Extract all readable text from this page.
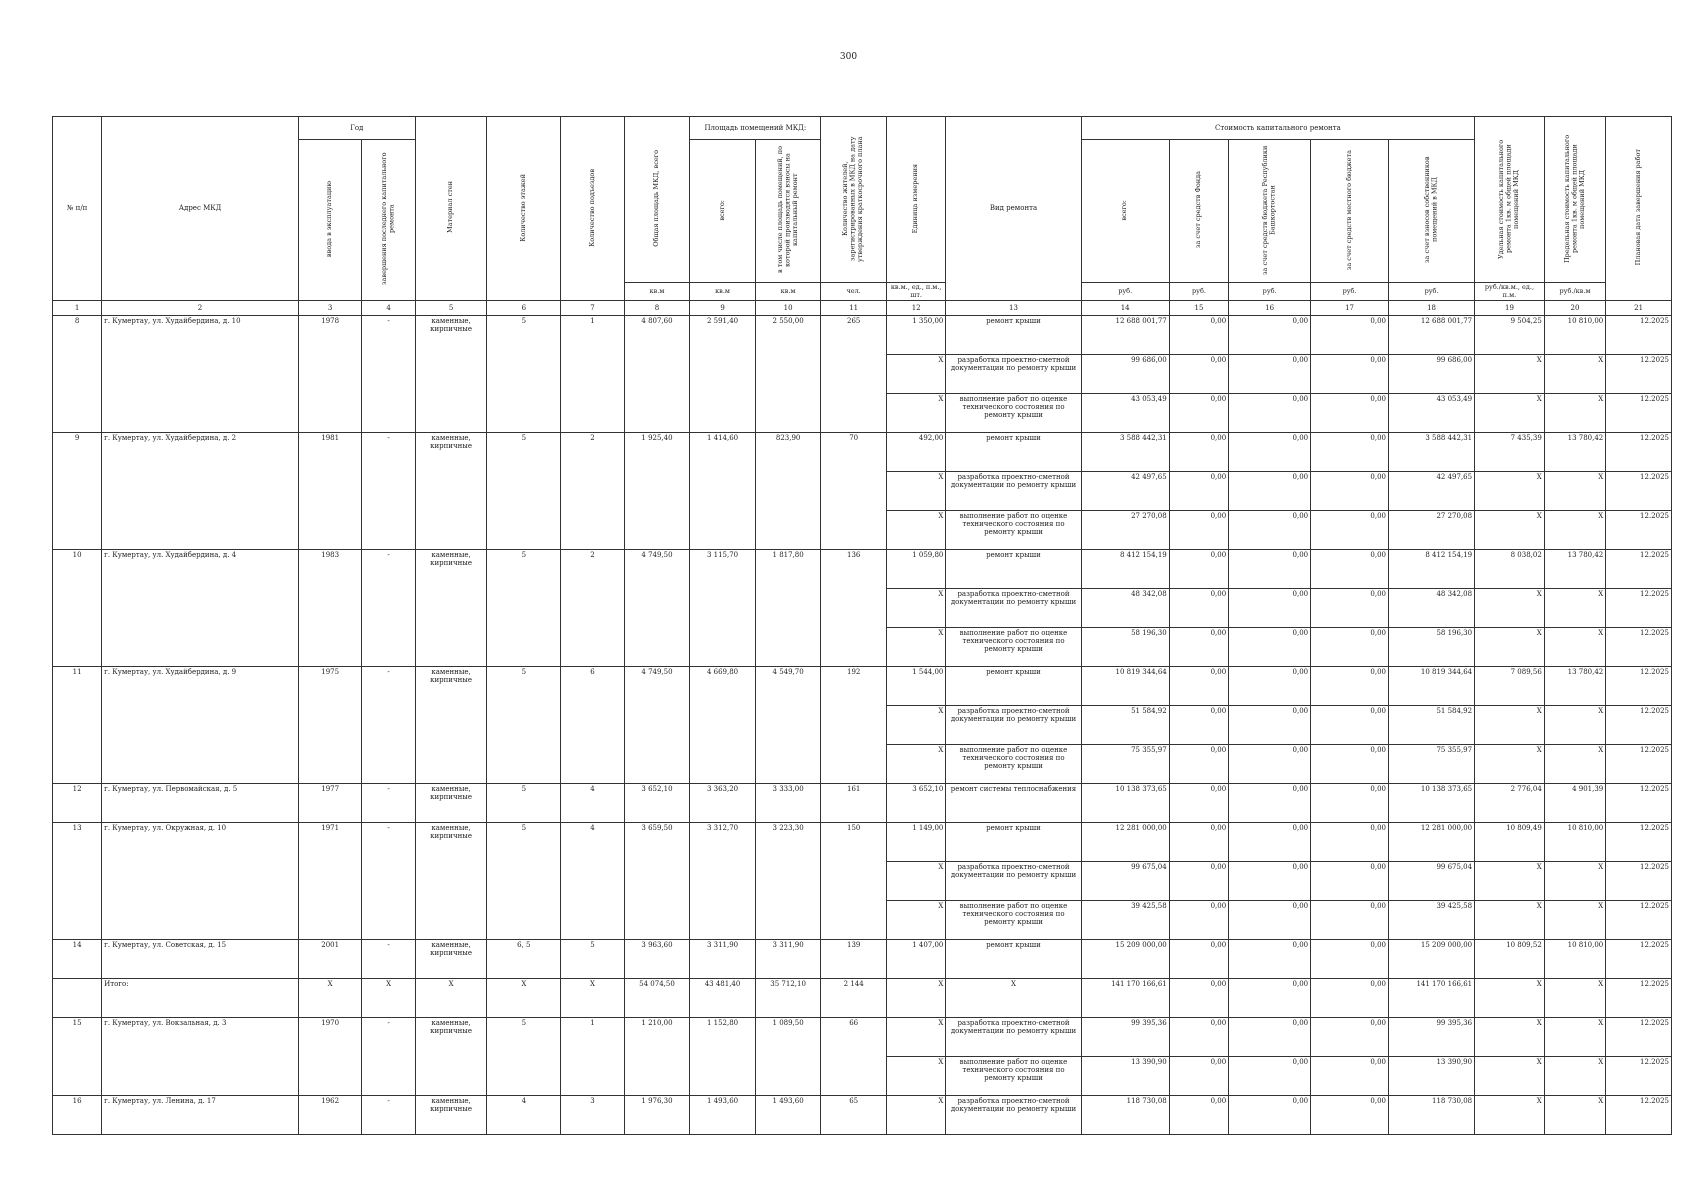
300
№ п/п	Адрес МКД	Год		Материал стен	Количество этажей	Количество подъездов	Общая площадь МКД, всего	Площадь помещений МКД:		Количество жителей, зарегистрированных в МКД на дату утверждения краткосрочного плана	Единица измерения	Вид ремонта	Стоимость капитального ремонта					Удельная стоимость капитального ремонта 1кв. м общей площади помещений МКД	Предельная стоимость капитального ремонта 1кв. м общей площади помещений МКД	Плановая дата завершения работ
		ввода в эксплуатацию	завершения последнего капитального ремонта					всего:	в том числе площадь помещений, по которой производятся взносы на капитальный ремонт				всего:	за счет средств Фонда	за счет средств бюджета Республики Башкортостан	за счет средств местного бюджета	за счет взносов собственников помещений в МКД			
							кв.м	кв.м	кв.м	чел.	кв.м., ед., п.м., шт.		руб.	руб.	руб.	руб.	руб.	руб./кв.м., ед., п.м.	руб./кв.м	
1	2	3	4	5	6	7	8	9	10	11	12	13	14	15	16	17	18	19	20	21
8	г. Кумертау, ул. Худайбердина, д. 10	1978	-	каменные, кирпичные	5	1	4 807,60	2 591,40	2 550,00	265	1 350,00	ремонт крыши	12 688 001,77	0,00	0,00	0,00	12 688 001,77	9 504,25	10 810,00	12.2025
											X	разработка проектно-сметной документации по ремонту крыши	99 686,00	0,00	0,00	0,00	99 686,00	X	X	12.2025
											X	выполнение работ по оценке технического состояния по ремонту крыши	43 053,49	0,00	0,00	0,00	43 053,49	X	X	12.2025
9	г. Кумертау, ул. Худайбердина, д. 2	1981	-	каменные, кирпичные	5	2	1 925,40	1 414,60	823,90	70	492,00	ремонт крыши	3 588 442,31	0,00	0,00	0,00	3 588 442,31	7 435,39	13 780,42	12.2025
											X	разработка проектно-сметной документации по ремонту крыши	42 497,65	0,00	0,00	0,00	42 497,65	X	X	12.2025
											X	выполнение работ по оценке технического состояния по ремонту крыши	27 270,08	0,00	0,00	0,00	27 270,08	X	X	12.2025
10	г. Кумертау, ул. Худайбердина, д. 4	1983	-	каменные, кирпичные	5	2	4 749,50	3 115,70	1 817,80	136	1 059,80	ремонт крыши	8 412 154,19	0,00	0,00	0,00	8 412 154,19	8 038,02	13 780,42	12.2025
											X	разработка проектно-сметной документации по ремонту крыши	48 342,08	0,00	0,00	0,00	48 342,08	X	X	12.2025
											X	выполнение работ по оценке технического состояния по ремонту крыши	58 196,30	0,00	0,00	0,00	58 196,30	X	X	12.2025
11	г. Кумертау, ул. Худайбердина, д. 9	1975	-	каменные, кирпичные	5	6	4 749,50	4 669,80	4 549,70	192	1 544,00	ремонт крыши	10 819 344,64	0,00	0,00	0,00	10 819 344,64	7 089,56	13 780,42	12.2025
											X	разработка проектно-сметной документации по ремонту крыши	51 584,92	0,00	0,00	0,00	51 584,92	X	X	12.2025
											X	выполнение работ по оценке технического состояния по ремонту крыши	75 355,97	0,00	0,00	0,00	75 355,97	X	X	12.2025
12	г. Кумертау, ул. Первомайская, д. 5	1977	-	каменные, кирпичные	5	4	3 652,10	3 363,20	3 333,00	161	3 652,10	ремонт системы теплоснабжения	10 138 373,65	0,00	0,00	0,00	10 138 373,65	2 776,04	4 901,39	12.2025
13	г. Кумертау, ул. Окружная, д. 10	1971	-	каменные, кирпичные	5	4	3 659,50	3 312,70	3 223,30	150	1 149,00	ремонт крыши	12 281 000,00	0,00	0,00	0,00	12 281 000,00	10 809,49	10 810,00	12.2025
											X	разработка проектно-сметной документации по ремонту крыши	99 675,04	0,00	0,00	0,00	99 675,04	X	X	12.2025
											X	выполнение работ по оценке технического состояния по ремонту крыши	39 425,58	0,00	0,00	0,00	39 425,58	X	X	12.2025
14	г. Кумертау, ул. Советская, д. 15	2001	-	каменные, кирпичные	6, 5	5	3 963,60	3 311,90	3 311,90	139	1 407,00	ремонт крыши	15 209 000,00	0,00	0,00	0,00	15 209 000,00	10 809,52	10 810,00	12.2025
	Итого:	X	X	X	X	X	54 074,50	43 481,40	35 712,10	2 144	X	X	141 170 166,61	0,00	0,00	0,00	141 170 166,61	X	X	12.2025
15	г. Кумертау, ул. Вокзальная, д. 3	1970	-	каменные, кирпичные	5	1	1 210,00	1 152,80	1 089,50	66	X	разработка проектно-сметной документации по ремонту крыши	99 395,36	0,00	0,00	0,00	99 395,36	X	X	12.2025
											X	выполнение работ по оценке технического состояния по ремонту крыши	13 390,90	0,00	0,00	0,00	13 390,90	X	X	12.2025
16	г. Кумертау, ул. Ленина, д. 17	1962	-	каменные, кирпичные	4	3	1 976,30	1 493,60	1 493,60	65	X	разработка проектно-сметной документации по ремонту крыши	118 730,08	0,00	0,00	0,00	118 730,08	X	X	12.2025
